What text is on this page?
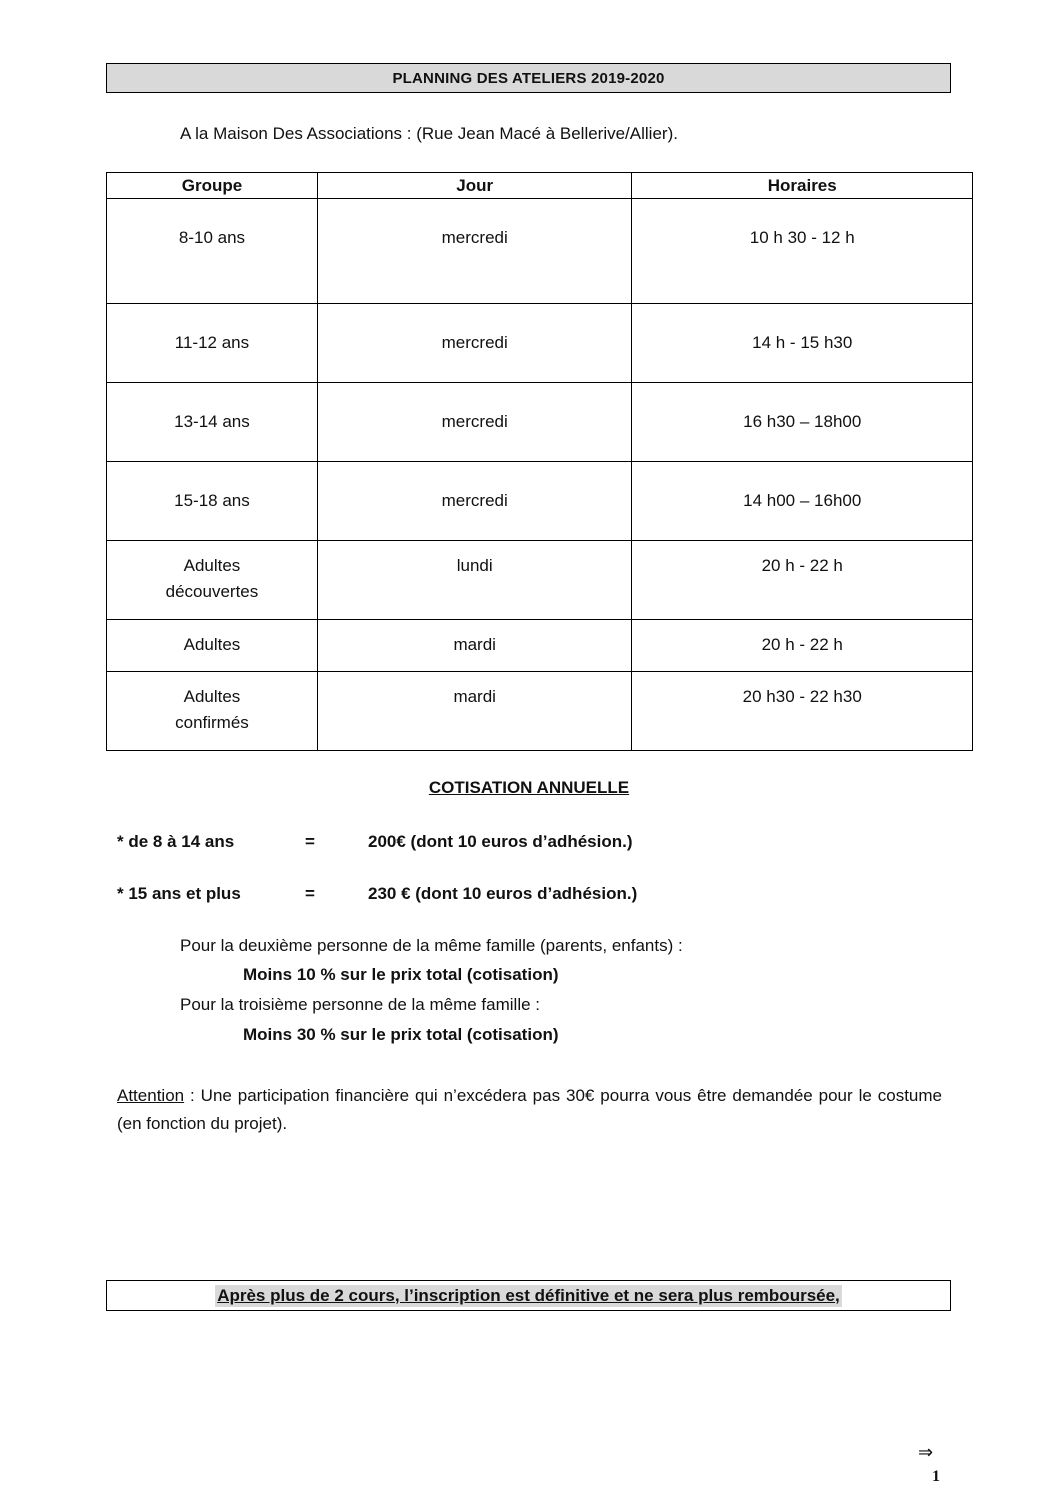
PLANNING DES ATELIERS 2019-2020
A la Maison Des Associations : (Rue Jean Macé à Bellerive/Allier).
Groupe	Jour	Horaires
8-10 ans	mercredi	10 h 30 - 12 h
11-12 ans	mercredi	14 h - 15 h30
13-14 ans	mercredi	16 h30 – 18h00
15-18 ans	mercredi	14 h00 – 16h00
Adultes découvertes	lundi	20 h - 22 h
Adultes	mardi	20 h - 22 h
Adultes confirmés	mardi	20 h30 - 22 h30
COTISATION ANNUELLE
* de 8 à 14 ans	=	200€ (dont 10 euros d’adhésion.)
* 15 ans et plus	=	230 € (dont 10 euros d’adhésion.)
Pour la deuxième personne de la même famille (parents, enfants) :
Moins 10 % sur le prix total (cotisation)
Pour la troisième personne de la même famille :
Moins 30 % sur le prix total (cotisation)
Attention : Une participation financière qui n’excédera pas 30€ pourra vous être demandée pour le costume (en fonction du projet).
Après plus de 2 cours, l’inscription est définitive et ne sera plus remboursée,
⇒
1
